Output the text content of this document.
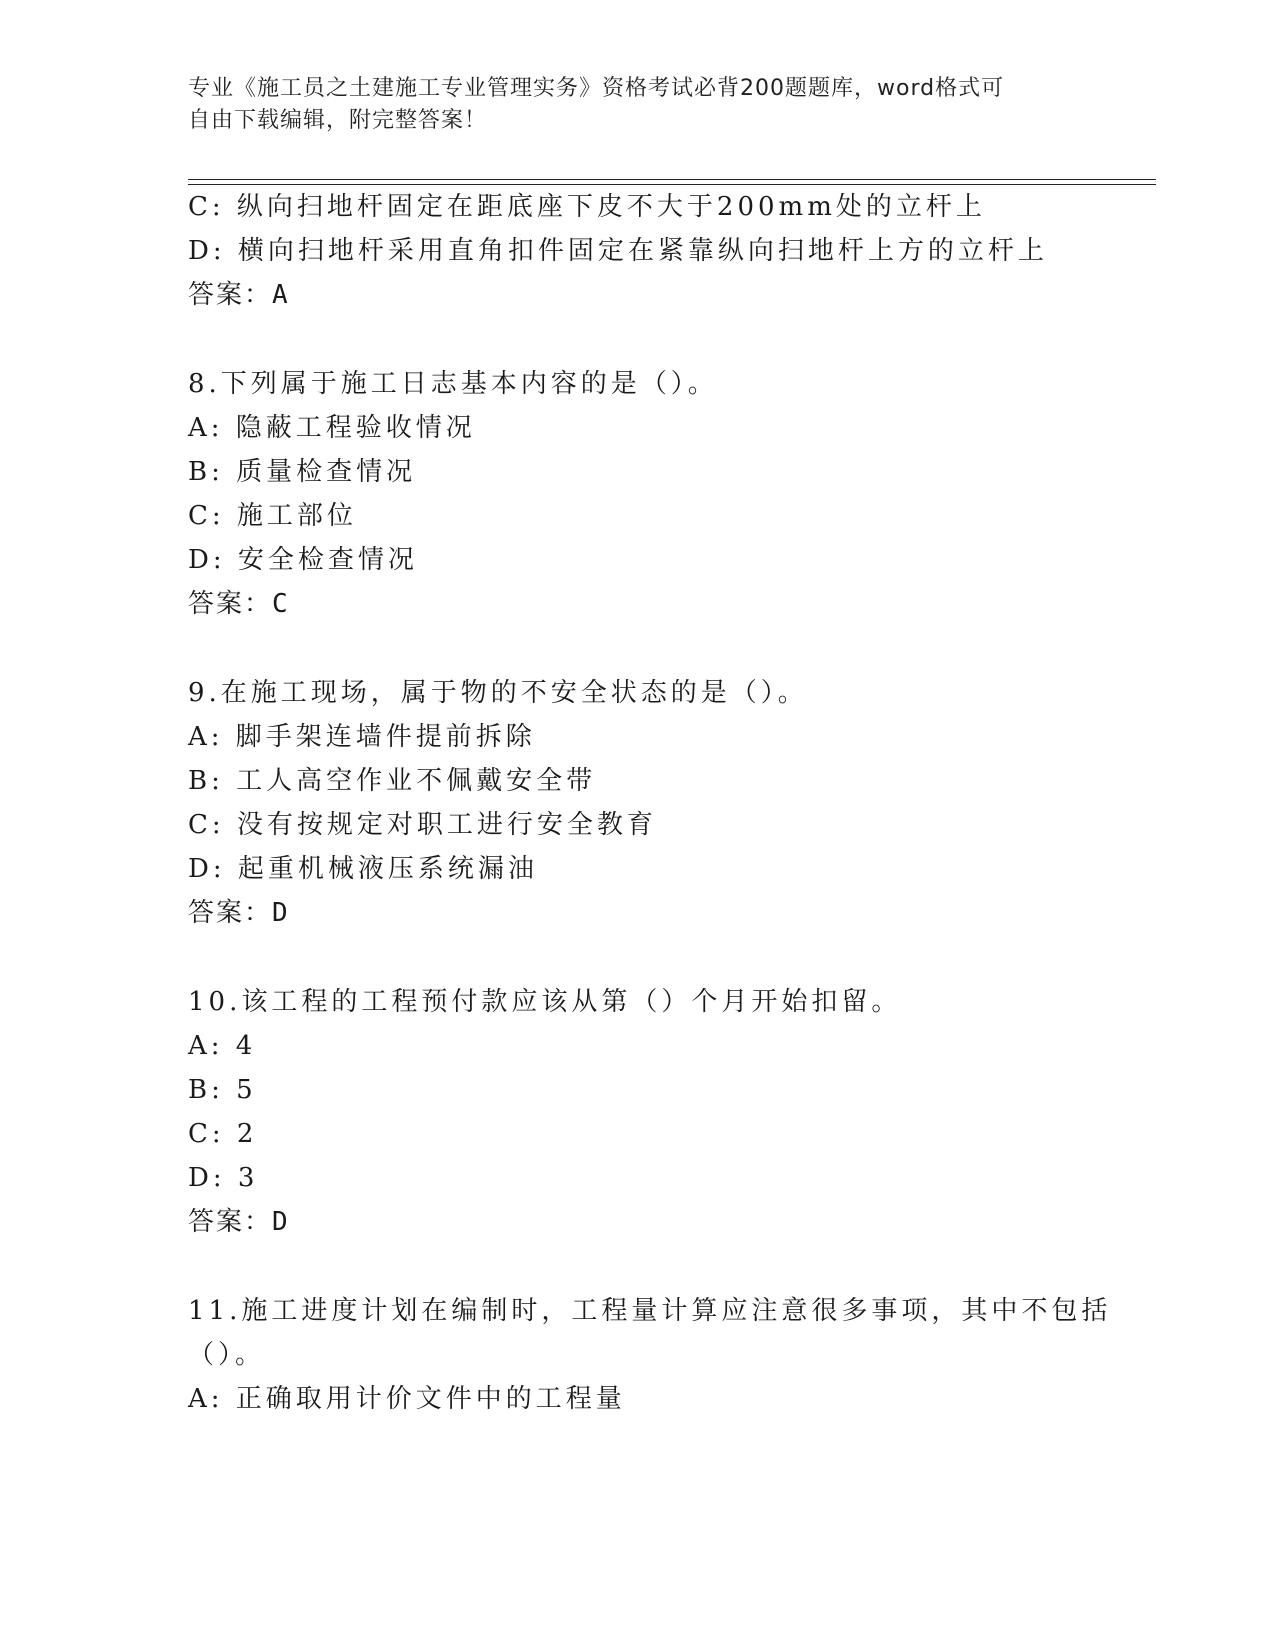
专业《施工员之土建施工专业管理实务》资格考试必背200题题库，word格式可
自由下载编辑，附完整答案！
C: 纵向扫地杆固定在距底座下皮不大于200mm处的立杆上
D: 横向扫地杆采用直角扣件固定在紧靠纵向扫地杆上方的立杆上
答案：A
8.下列属于施工日志基本内容的是（）。
A: 隐蔽工程验收情况
B: 质量检查情况
C: 施工部位
D: 安全检查情况
答案：C
9.在施工现场，属于物的不安全状态的是（）。
A: 脚手架连墙件提前拆除
B: 工人高空作业不佩戴安全带
C: 没有按规定对职工进行安全教育
D: 起重机械液压系统漏油
答案：D
10.该工程的工程预付款应该从第（）个月开始扣留。
A: 4
B: 5
C: 2
D: 3
答案：D
11.施工进度计划在编制时，工程量计算应注意很多事项，其中不包括
（）。
A: 正确取用计价文件中的工程量
